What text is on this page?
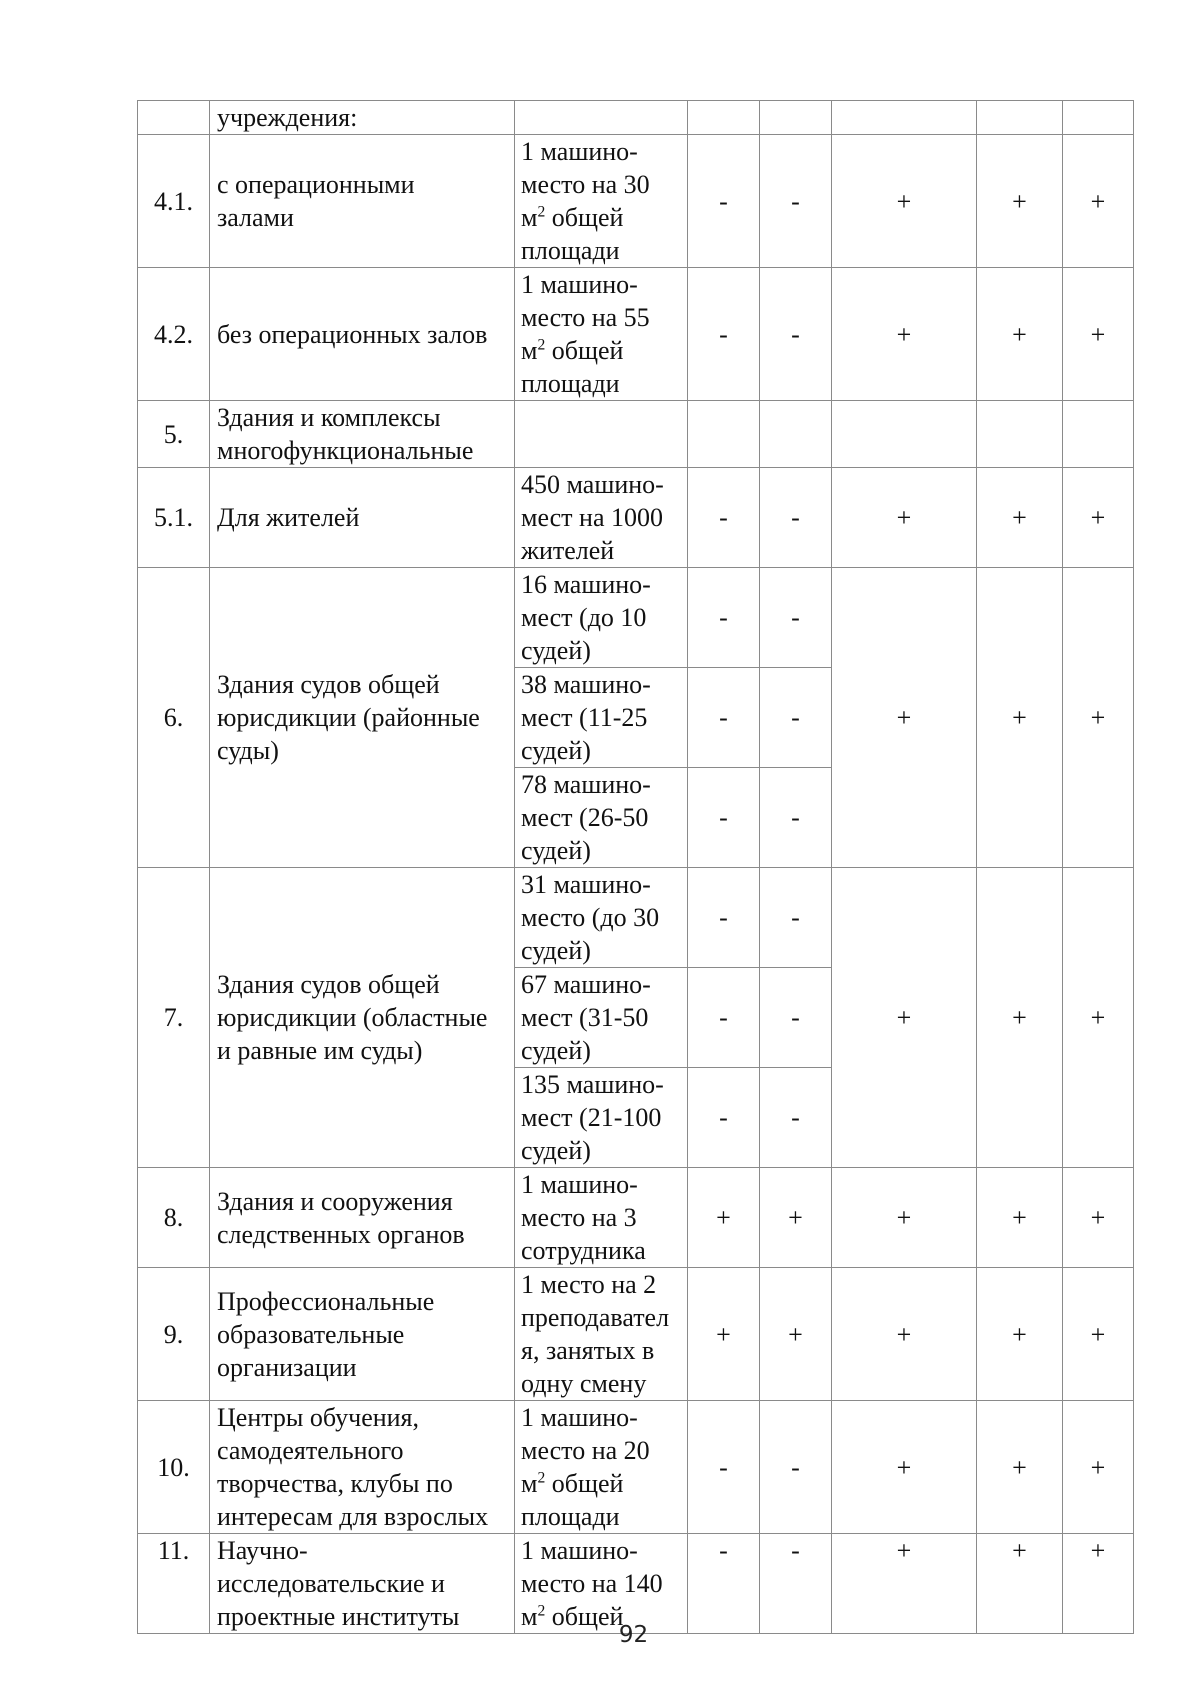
	учреждения:						

4.1.	с операционными
залами	1 машино-
место на 30
$м^2$ общей
площади	-	-	+	+	+
4.2.	без операционных залов	1 машино-
место на 55
$м^2$ общей
площади	-	-	+	+	+
5.	Здания и комплексы
многофункциональные						

5.1.	Для жителей	450 машино-
мест на 1000
жителей	-	-	+	+	+
6.	Здания судов общей
юрисдикции (районные
суды)	16 машино-
мест (до 10
судей)	-	-	+	+	+

		38 машино-
мест (11-25
судей)	-	-			

		78 машино-
мест (26-50
судей)	-	-			
7.	Здания судов общей
юрисдикции (областные
и равные им суды)	31 машино-
место (до 30
судей)	-	-	+	+	+

		67 машино-
мест (31-50
судей)	-	-			

		135 машино-
мест (21-100
судей)	-	-			
8.	Здания и сооружения
следственных органов	1 машино-
место на 3
сотрудника	+	+	+	+	+
9.	Профессиональные
образовательные
организации	1 место на 2
преподавател
я, занятых в
одну смену	+	+	+	+	+
10.	Центры обучения,
самодеятельного
творчества, клубы по
интересам для взрослых	1 машино-
место на 20
$м^2$ общей
площади	-	-	+	+	+
11.	Научно-
исследовательские и
проектные институты	1 машино-
место на 140
$м^2$ общей	-	-	+	+	+
92
